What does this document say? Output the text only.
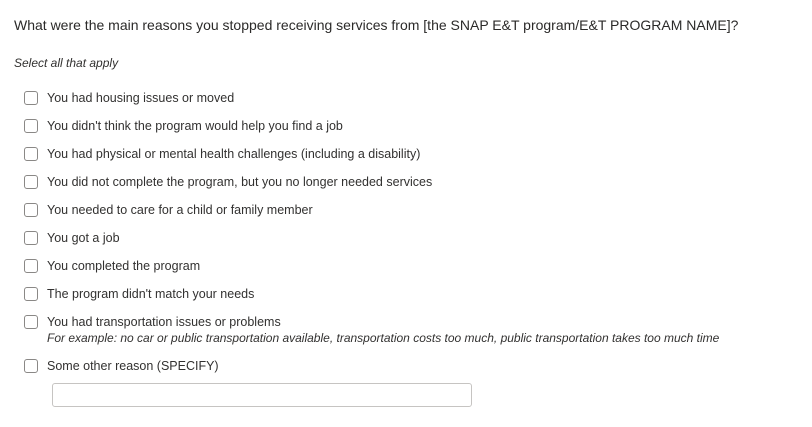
What were the main reasons you stopped receiving services from [the SNAP E&T program/E&T PROGRAM NAME]?
Select all that apply
You had housing issues or moved
You didn't think the program would help you find a job
You had physical or mental health challenges (including a disability)
You did not complete the program, but you no longer needed services
You needed to care for a child or family member
You got a job
You completed the program
The program didn't match your needs
You had transportation issues or problems
For example: no car or public transportation available, transportation costs too much, public transportation takes too much time
Some other reason (SPECIFY)
